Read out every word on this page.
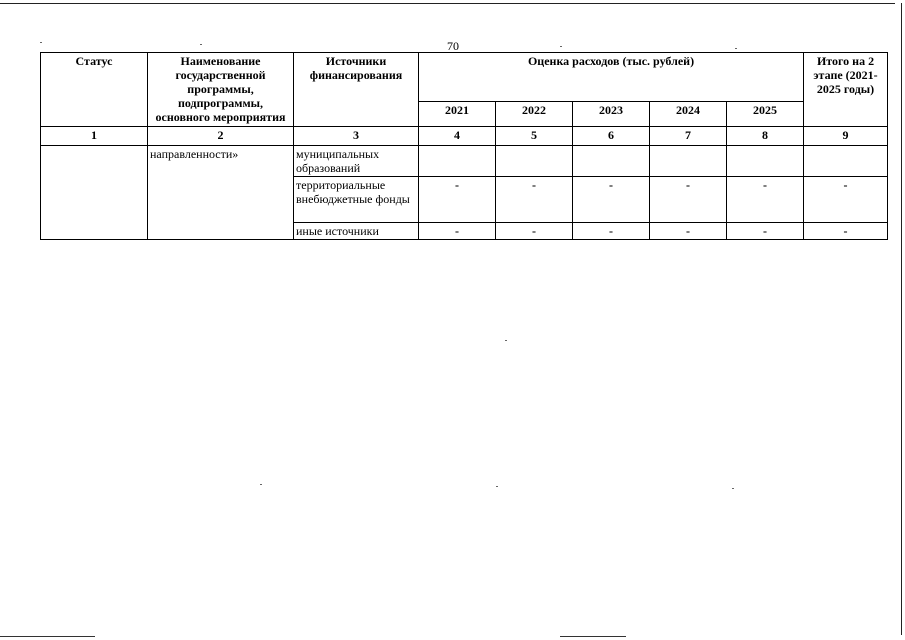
70
Статус	Наименование государственной программы, подпрограммы, основного мероприятия	Источники финансирования	Оценка расходов (тыс. рублей)					Итого на 2 этапе (2021-2025 годы)
			2021	2022	2023	2024	2025	
1	2	3	4	5	6	7	8	9
	направленности»	муниципальных образований						
		территориальные внебюджетные фонды	-	-	-	-	-	-
		иные источники	-	-	-	-	-	-
